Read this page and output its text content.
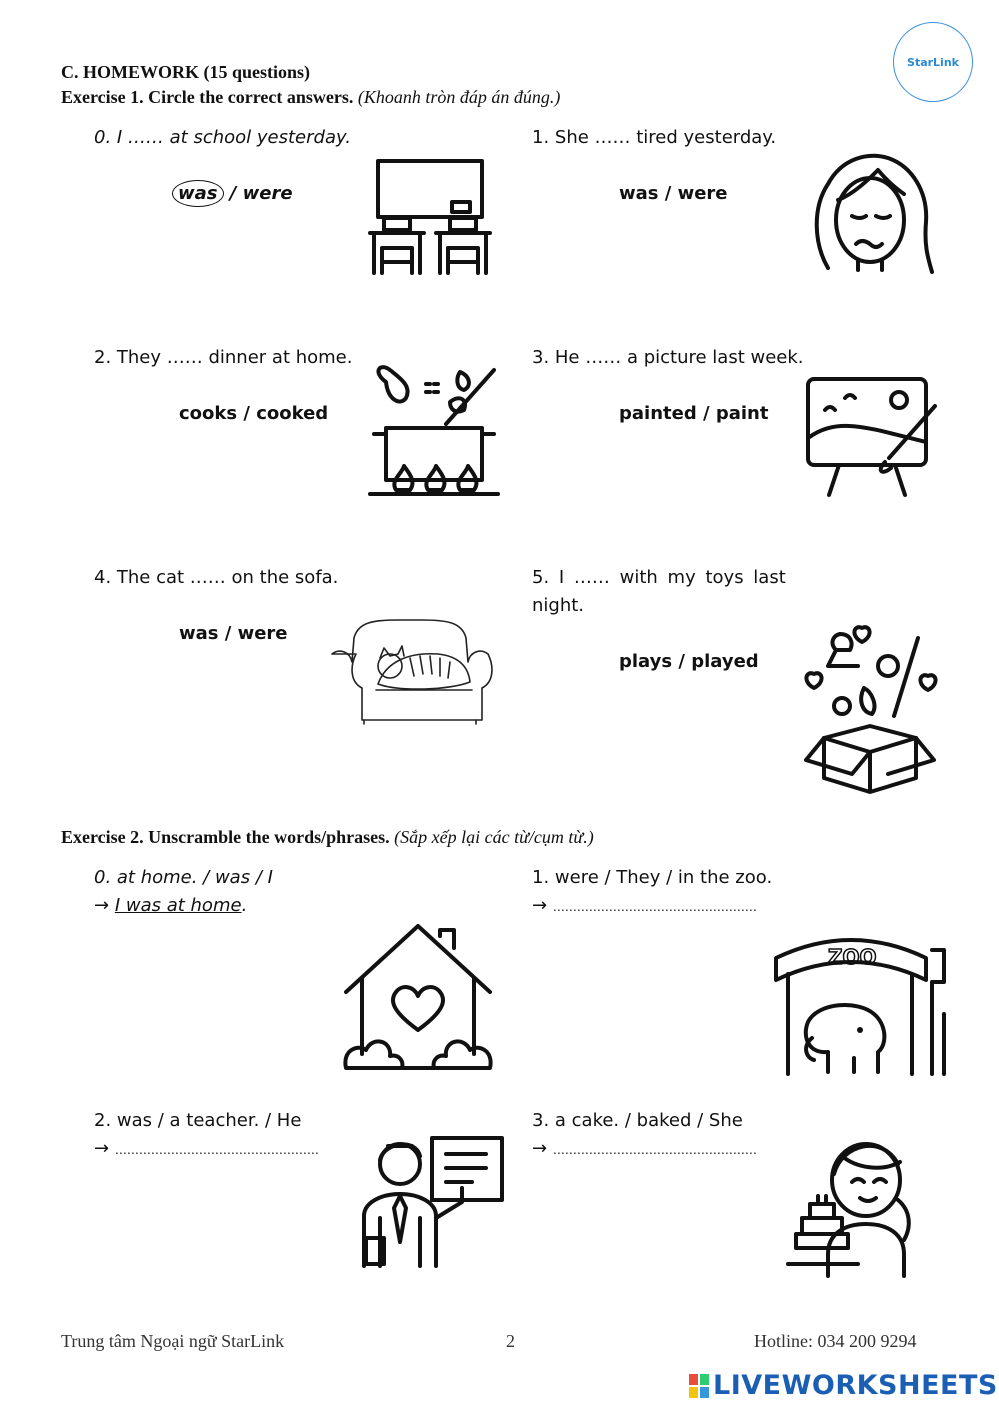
StarLink
C. HOMEWORK (15 questions)
Exercise 1. Circle the correct answers. (Khoanh tròn đáp án đúng.)
0. I …… at school yesterday.
was / were
1. She …… tired yesterday.
was / were
2. They …… dinner at home.
cooks / cooked
3. He …… a picture last week.
painted / paint
4. The cat …… on the sofa.
was / were
5. I …… with my toys last
night.
plays / played
Exercise 2. Unscramble the words/phrases. (Sắp xếp lại các từ/cụm từ.)
0. at home. / was / I
→ I was at home.
1. were / They / in the zoo.
→ ……………………………………………
ZOO
2. was / a teacher. / He
→ ……………………………………………
3. a cake. / baked / She
→ ……………………………………………
Trung tâm Ngoại ngữ StarLink	2	Hotline: 034 200 9294
LIVEWORKSHEETS
